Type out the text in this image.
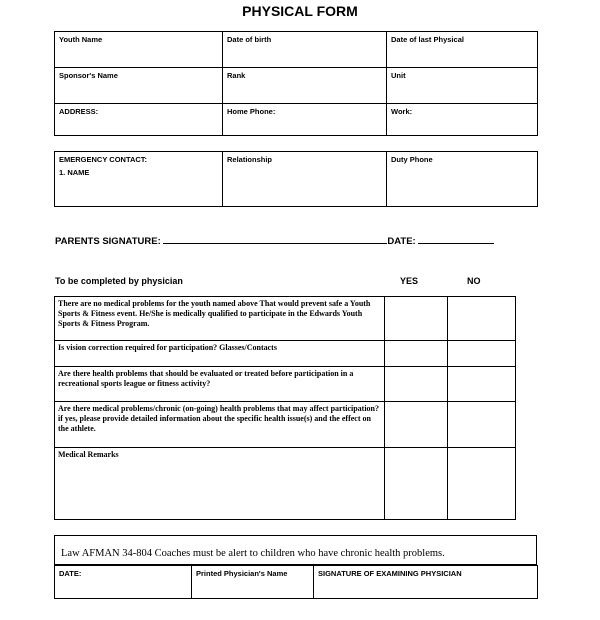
PHYSICAL FORM
Youth Name	Date of birth	Date of last Physical
Sponsor's Name	Rank	Unit
ADDRESS:	Home Phone:	Work:
EMERGENCY CONTACT:
1. NAME
	Relationship	Duty Phone
PARENTS SIGNATURE:	DATE:
To be completed by physician	YES	NO
There are no medical problems for the youth named above That would prevent safe a Youth Sports & Fitness event. He/She is medically qualified to participate in the Edwards Youth Sports & Fitness Program.		
Is vision correction required for participation? Glasses/Contacts		
Are there health problems that should be evaluated or treated before participation in a recreational sports league or fitness activity?		
Are there medical problems/chronic (on-going) health problems that may affect participation? if yes, please provide detailed information about the specific health issue(s) and the effect on the athlete.		
Medical Remarks		
Law AFMAN 34-804 Coaches must be alert to children who have chronic health problems.
DATE:	Printed Physician's Name	SIGNATURE OF EXAMINING PHYSICIAN
